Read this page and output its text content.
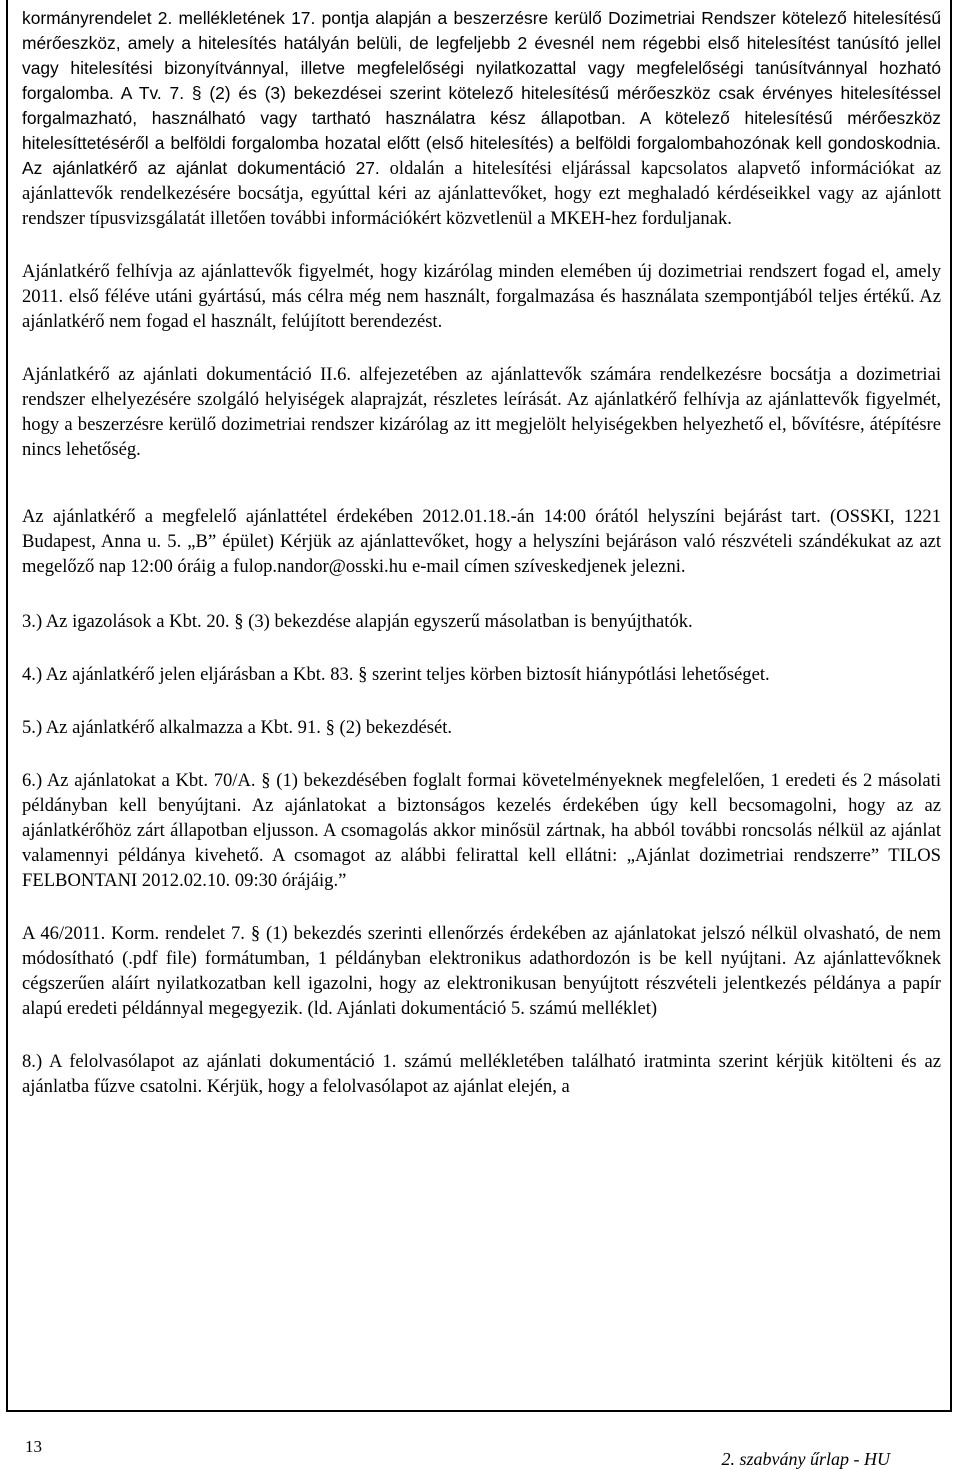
kormányrendelet 2. mellékletének 17. pontja alapján a beszerzésre kerülő Dozimetriai Rendszer kötelező hitelesítésű mérőeszköz, amely a hitelesítés hatályán belüli, de legfeljebb 2 évesnél nem régebbi első hitelesítést tanúsító jellel vagy hitelesítési bizonyítvánnyal, illetve megfelelőségi nyilatkozattal vagy megfelelőségi tanúsítvánnyal hozható forgalomba. A Tv. 7. § (2) és (3) bekezdései szerint kötelező hitelesítésű mérőeszköz csak érvényes hitelesítéssel forgalmazható, használható vagy tartható használatra kész állapotban. A kötelező hitelesítésű mérőeszköz hitelesíttetéséről a belföldi forgalomba hozatal előtt (első hitelesítés) a belföldi forgalombahozónak kell gondoskodnia. Az ajánlatkérő az ajánlat dokumentáció 27. oldalán a hitelesítési eljárással kapcsolatos alapvető információkat az ajánlattevők rendelkezésére bocsátja, egyúttal kéri az ajánlattevőket, hogy ezt meghaladó kérdéseikkel vagy az ajánlott rendszer típusvizsgálatát illetően további információkért közvetlenül a MKEH-hez forduljanak.

Ajánlatkérő felhívja az ajánlattevők figyelmét, hogy kizárólag minden elemében új dozimetriai rendszert fogad el, amely 2011. első féléve utáni gyártású, más célra még nem használt, forgalmazása és használata szempontjából teljes értékű. Az ajánlatkérő nem fogad el használt, felújított berendezést.

Ajánlatkérő az ajánlati dokumentáció II.6. alfejezetében az ajánlattevők számára rendelkezésre bocsátja a dozimetriai rendszer elhelyezésére szolgáló helyiségek alaprajzát, részletes leírását. Az ajánlatkérő felhívja az ajánlattevők figyelmét, hogy a beszerzésre kerülő dozimetriai rendszer kizárólag az itt megjelölt helyiségekben helyezhető el, bővítésre, átépítésre nincs lehetőség.

Az ajánlatkérő a megfelelő ajánlattétel érdekében 2012.01.18.-án 14:00 órától helyszíni bejárást tart. (OSSKI, 1221 Budapest, Anna u. 5. „B” épület) Kérjük az ajánlattevőket, hogy a helyszíni bejáráson való részvételi szándékukat az azt megelőző nap 12:00 óráig a fulop.nandor@osski.hu e-mail címen szíveskedjenek jelezni.

3.) Az igazolások a Kbt. 20. § (3) bekezdése alapján egyszerű másolatban is benyújthatók.

4.) Az ajánlatkérő jelen eljárásban a Kbt. 83. § szerint teljes körben biztosít hiánypótlási lehetőséget.

5.) Az ajánlatkérő alkalmazza a Kbt. 91. § (2) bekezdését.

6.) Az ajánlatokat a Kbt. 70/A. § (1) bekezdésében foglalt formai követelményeknek megfelelően, 1 eredeti és 2 másolati példányban kell benyújtani. Az ajánlatokat a biztonságos kezelés érdekében úgy kell becsomagolni, hogy az az ajánlatkérőhöz zárt állapotban eljusson. A csomagolás akkor minősül zártnak, ha abból további roncsolás nélkül az ajánlat valamennyi példánya kivehető. A csomagot az alábbi felirattal kell ellátni: „Ajánlat dozimetriai rendszerre” TILOS FELBONTANI 2012.02.10. 09:30 órájáig.”

A 46/2011. Korm. rendelet 7. § (1) bekezdés szerinti ellenőrzés érdekében az ajánlatokat jelszó nélkül olvasható, de nem módosítható (.pdf file) formátumban, 1 példányban elektronikus adathordozón is be kell nyújtani. Az ajánlattevőknek cégszerűen aláírt nyilatkozatban kell igazolni, hogy az elektronikusan benyújtott részvételi jelentkezés példánya a papír alapú eredeti példánnyal megegyezik. (ld. Ajánlati dokumentáció 5. számú melléklet)

8.) A felolvasólapot az ajánlati dokumentáció 1. számú mellékletében található iratminta szerint kérjük kitölteni és az ajánlatba fűzve csatolni. Kérjük, hogy a felolvasólapot az ajánlat elején, a

13
2. szabvány űrlap - HU
